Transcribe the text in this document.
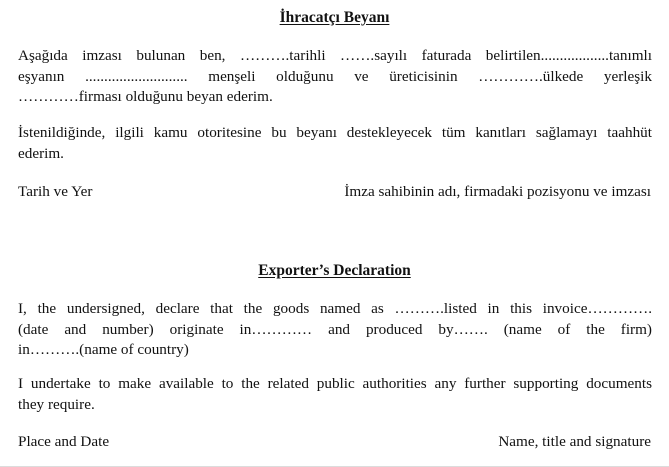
İhracatçı Beyanı
Aşağıda imzası bulunan ben, ……….tarihli …….sayılı faturada belirtilen..................tanımlı
eşyanın ........................... menşeli olduğunu ve üreticisinin ………….ülkede yerleşik
…………firması olduğunu beyan ederim.
İstenildiğinde, ilgili kamu otoritesine bu beyanı destekleyecek tüm kanıtları sağlamayı taahhüt
ederim.
Tarih ve Yer	İmza sahibinin adı, firmadaki pozisyonu ve imzası
Exporter’s Declaration
I, the undersigned, declare that the goods named as ……….listed in this invoice………….
(date and number) originate in………… and produced by……. (name of the firm)
in……….(name of country)
I undertake to make available to the related public authorities any further supporting documents
they require.
Place and Date	Name, title and signature
